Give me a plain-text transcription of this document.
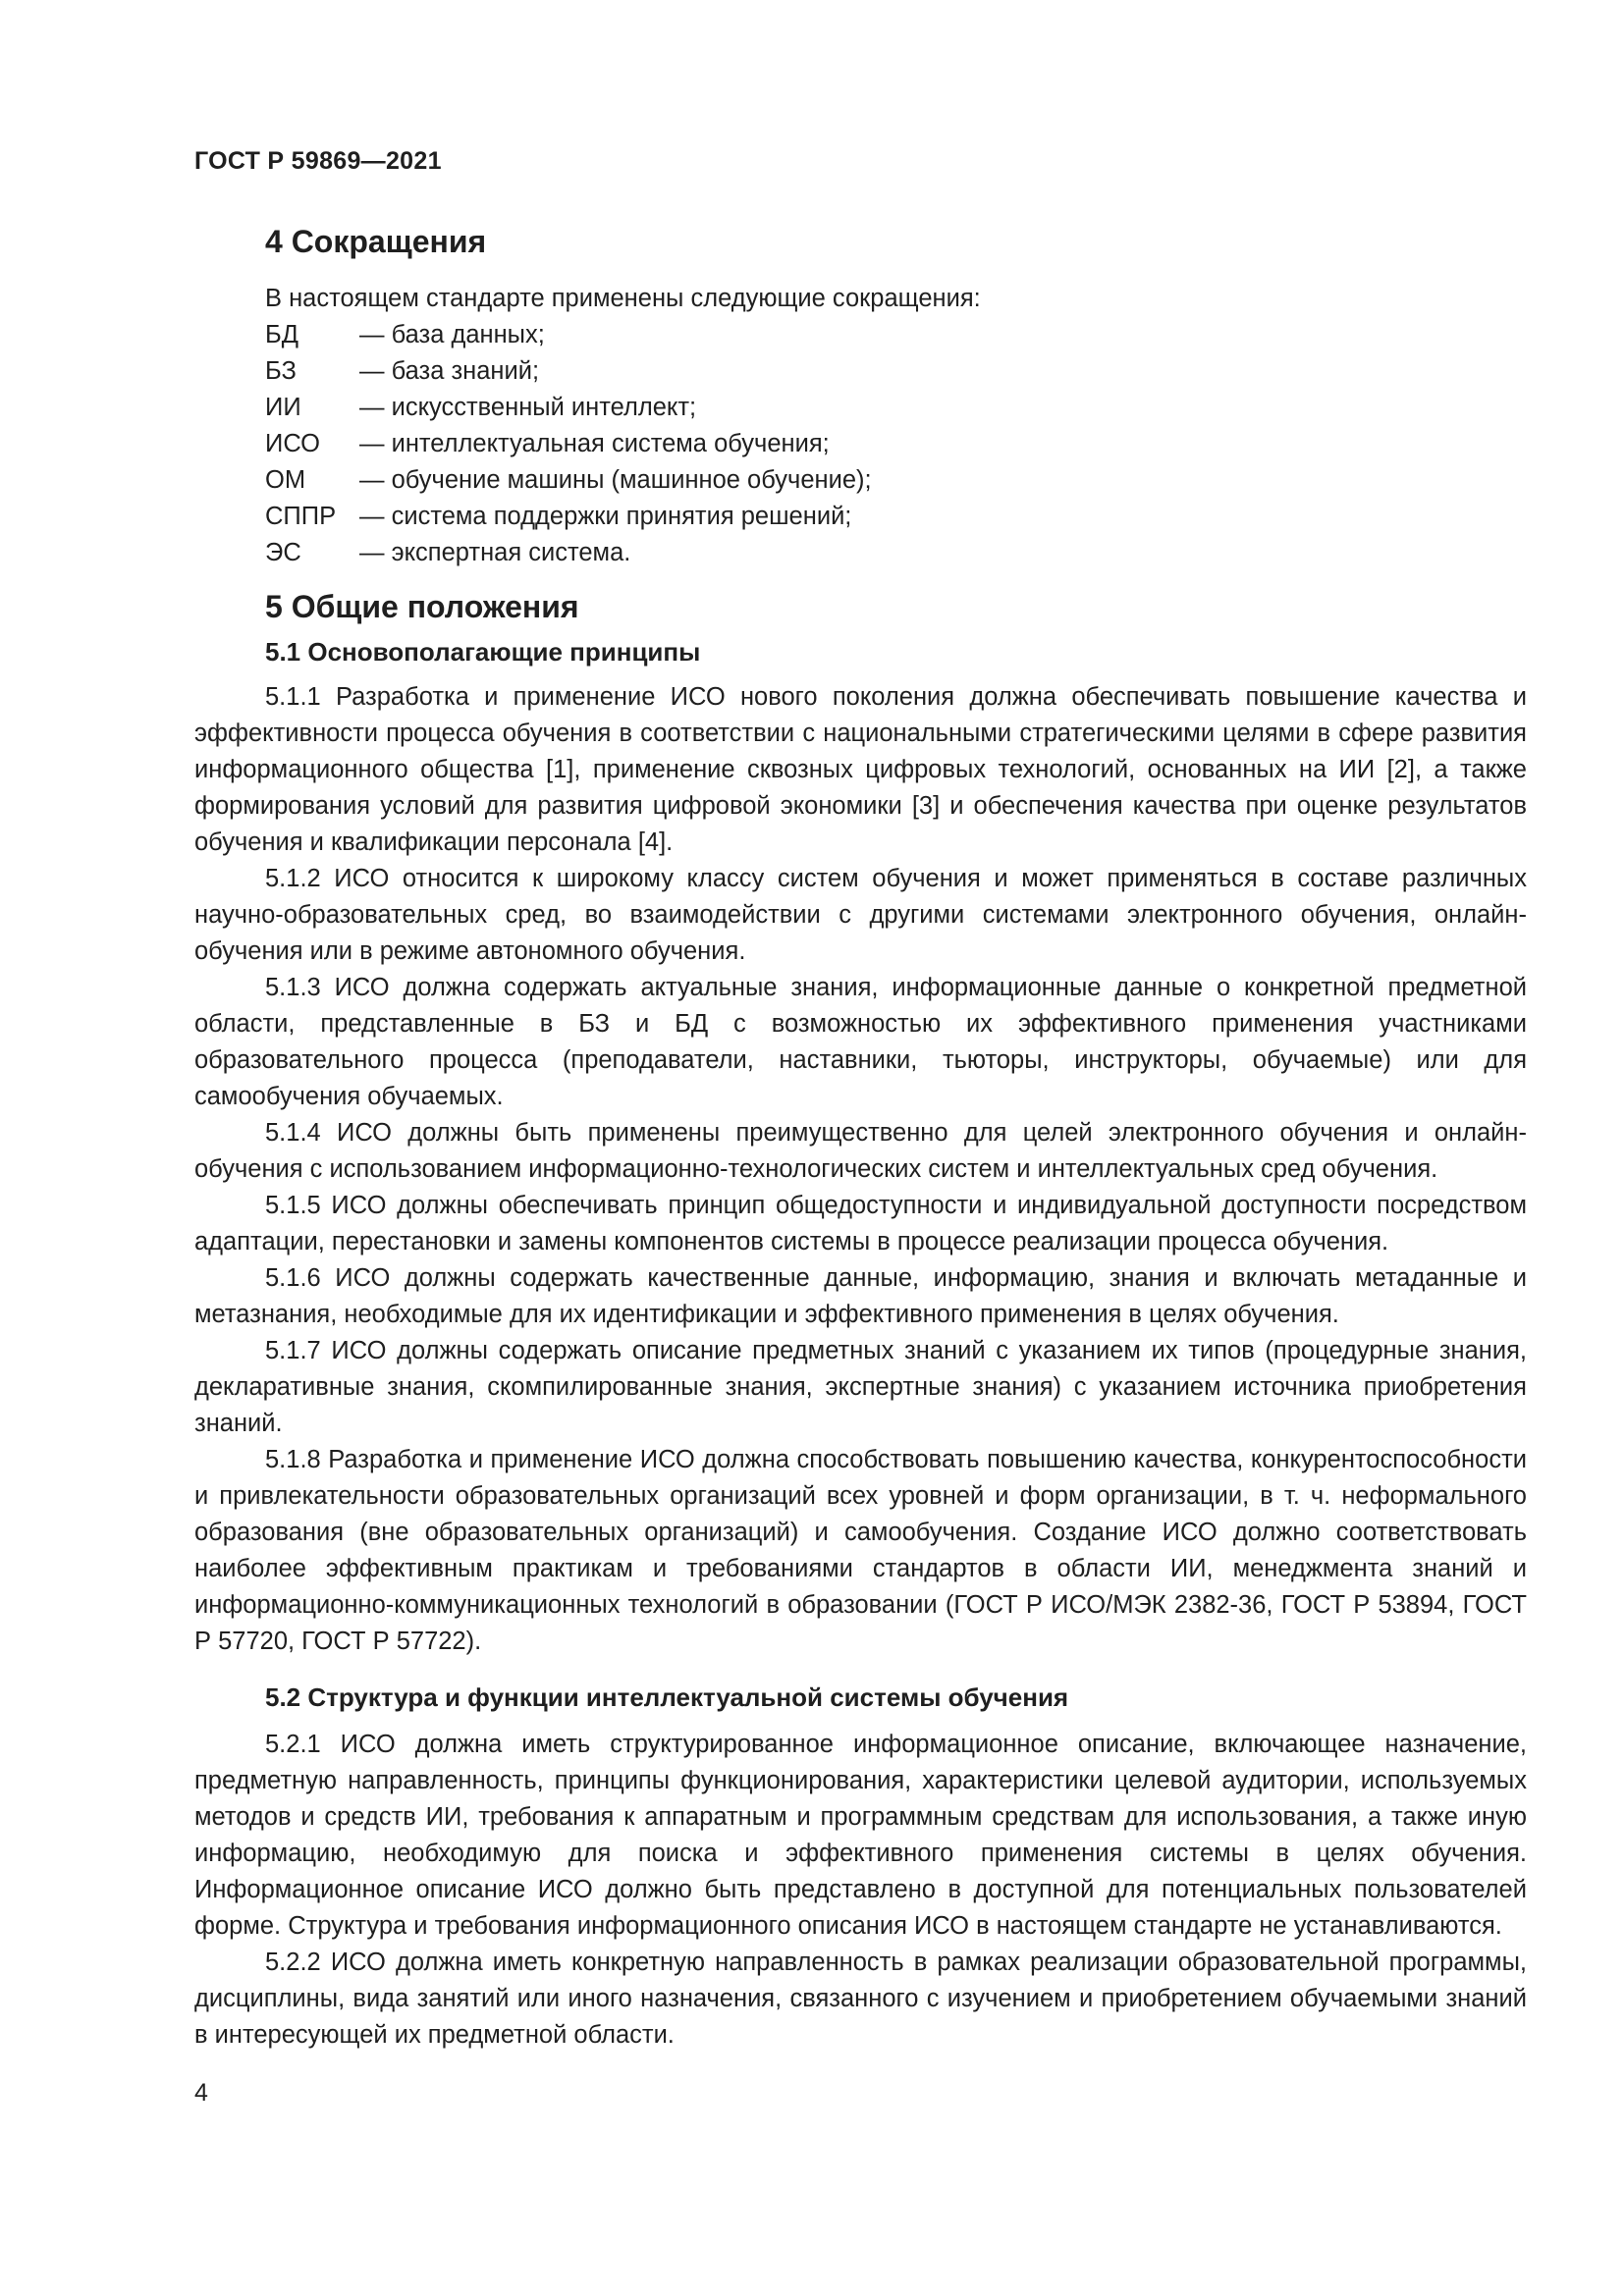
ГОСТ Р 59869—2021
4 Сокращения
В настоящем стандарте применены следующие сокращения:
БД	— база данных;
БЗ	— база знаний;
ИИ	— искусственный интеллект;
ИСО	— интеллектуальная система обучения;
ОМ	— обучение машины (машинное обучение);
СППР — система поддержки принятия решений;
ЭС	— экспертная система.
5 Общие положения
5.1 Основополагающие принципы

5.1.1 Разработка и применение ИСО нового поколения должна обеспечивать повышение качества и эффективности процесса обучения в соответствии с национальными стратегическими целями в сфере развития информационного общества [1], применение сквозных цифровых технологий, основанных на ИИ [2], а также формирования условий для развития цифровой экономики [3] и обеспечения качества при оценке результатов обучения и квалификации персонала [4].

5.1.2 ИСО относится к широкому классу систем обучения и может применяться в составе различных научно-образовательных сред, во взаимодействии с другими системами электронного обучения, онлайн-обучения или в режиме автономного обучения.

5.1.3 ИСО должна содержать актуальные знания, информационные данные о конкретной предметной области, представленные в БЗ и БД с возможностью их эффективного применения участниками образовательного процесса (преподаватели, наставники, тьюторы, инструкторы, обучаемые) или для самообучения обучаемых.

5.1.4 ИСО должны быть применены преимущественно для целей электронного обучения и онлайн-обучения с использованием информационно-технологических систем и интеллектуальных сред обучения.

5.1.5 ИСО должны обеспечивать принцип общедоступности и индивидуальной доступности посредством адаптации, перестановки и замены компонентов системы в процессе реализации процесса обучения.

5.1.6 ИСО должны содержать качественные данные, информацию, знания и включать метаданные и метазнания, необходимые для их идентификации и эффективного применения в целях обучения.

5.1.7 ИСО должны содержать описание предметных знаний с указанием их типов (процедурные знания, декларативные знания, скомпилированные знания, экспертные знания) с указанием источника приобретения знаний.

5.1.8 Разработка и применение ИСО должна способствовать повышению качества, конкурентоспособности и привлекательности образовательных организаций всех уровней и форм организации, в т. ч. неформального образования (вне образовательных организаций) и самообучения. Создание ИСО должно соответствовать наиболее эффективным практикам и требованиями стандартов в области ИИ, менеджмента знаний и информационно-коммуникационных технологий в образовании (ГОСТ Р ИСО/МЭК 2382-36, ГОСТ Р 53894, ГОСТ Р 57720, ГОСТ Р 57722).

5.2 Структура и функции интеллектуальной системы обучения

5.2.1 ИСО должна иметь структурированное информационное описание, включающее назначение, предметную направленность, принципы функционирования, характеристики целевой аудитории, используемых методов и средств ИИ, требования к аппаратным и программным средствам для использования, а также иную информацию, необходимую для поиска и эффективного применения системы в целях обучения. Информационное описание ИСО должно быть представлено в доступной для потенциальных пользователей форме. Структура и требования информационного описания ИСО в настоящем стандарте не устанавливаются.

5.2.2 ИСО должна иметь конкретную направленность в рамках реализации образовательной программы, дисциплины, вида занятий или иного назначения, связанного с изучением и приобретением обучаемыми знаний в интересующей их предметной области.

4
